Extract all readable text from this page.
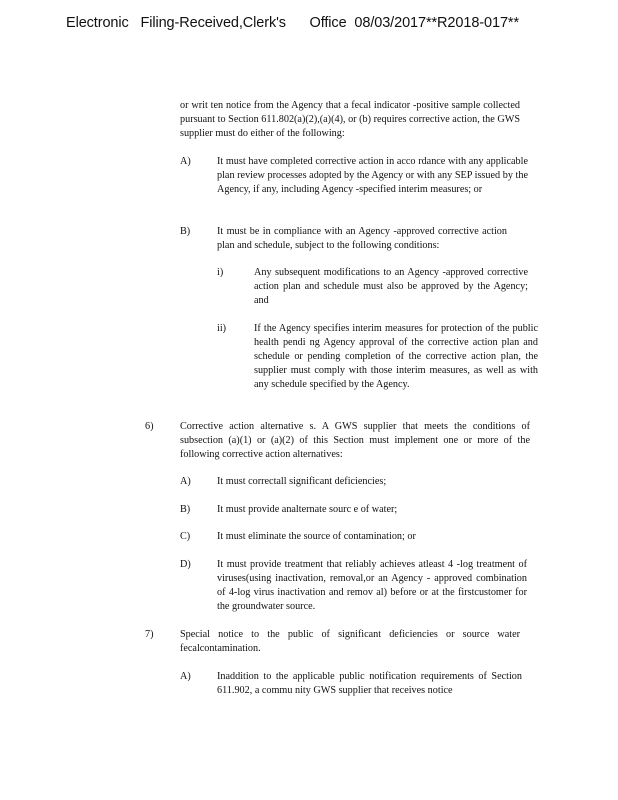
Electronic   Filing-Received,Clerk's      Office  08/03/2017**R2018-017**

or writ ten notice from the Agency that a fecal indicator -positive sample collected pursuant to Section 611.802(a)(2),(a)(4), or (b) requires corrective action, the GWS supplier must do either of the following:

A)	It must have completed corrective action in acco rdance with any applicable plan review processes adopted by the Agency or with any SEP issued by the Agency, if any, including Agency -specified interim measures; or

B)	It must be in compliance with an Agency -approved corrective action plan and schedule, subject to the following conditions:

i)	Any subsequent modifications to an Agency -approved corrective action plan and schedule must also be approved by the Agency; and

ii)	If the Agency specifies interim measures for protection of the public health pendi ng Agency approval of the corrective action plan and schedule or pending completion of the corrective action plan, the supplier must comply with those interim measures, as well as with any schedule specified by the Agency.

6)	Corrective action alternative s. A GWS supplier that meets the conditions of subsection (a)(1) or (a)(2) of this Section must implement one or more of the following corrective action alternatives:

A)	It must correctall significant deficiencies;

B)	It must provide analternate sourc e of water;

C)	It must eliminate the source of contamination; or

D)	It must provide treatment that reliably achieves atleast 4 -log treatment of viruses(using inactivation, removal,or an Agency - approved combination of 4-log virus inactivation and remov al) before or at the firstcustomer for the groundwater source.

7)	Special notice to the public of significant deficiencies or source water fecalcontamination.

A)	Inaddition to the applicable public notification requirements of Section 611.902, a commu nity GWS supplier that receives notice
